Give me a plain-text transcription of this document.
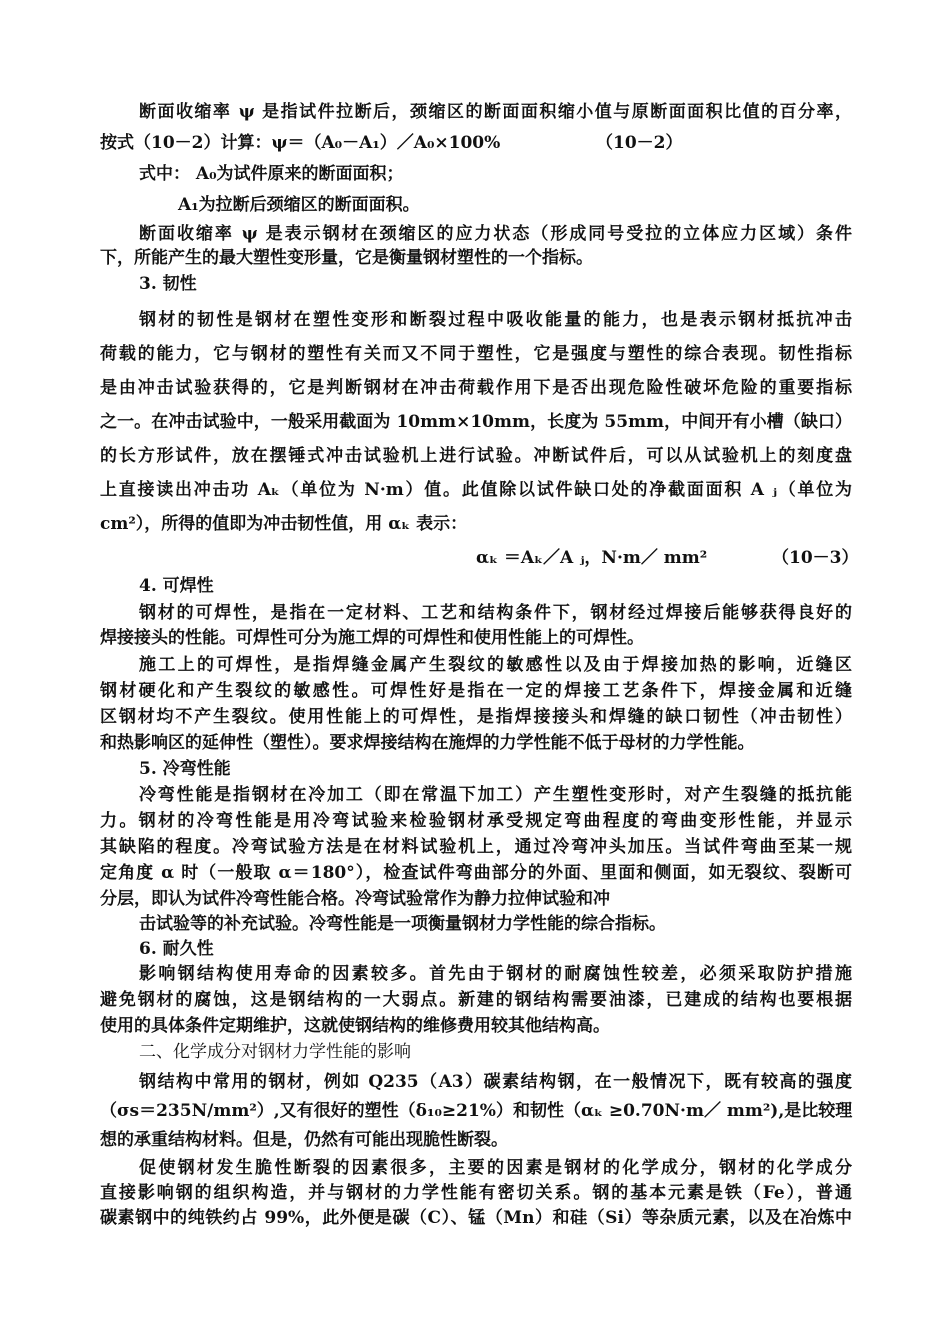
断面收缩率 ψ 是指试件拉断后，颈缩区的断面面积缩小值与原断面面积比值的百分率，
按式（10－2）计算：ψ＝（A₀－A₁）／A₀×100%	（10－2）
式中： A₀为试件原来的断面面积；
A₁为拉断后颈缩区的断面面积。
断面收缩率 ψ 是表示钢材在颈缩区的应力状态（形成同号受拉的立体应力区域）条件
下，所能产生的最大塑性变形量，它是衡量钢材塑性的一个指标。
3. 韧性
钢材的韧性是钢材在塑性变形和断裂过程中吸收能量的能力，也是表示钢材抵抗冲击
荷载的能力，它与钢材的塑性有关而又不同于塑性，它是强度与塑性的综合表现。韧性指标
是由冲击试验获得的，它是判断钢材在冲击荷载作用下是否出现危险性破坏危险的重要指标
之一。在冲击试验中，一般采用截面为 10mm×10mm，长度为 55mm，中间开有小槽（缺口）
的长方形试件，放在摆锤式冲击试验机上进行试验。冲断试件后，可以从试验机上的刻度盘
上直接读出冲击功 Aₖ（单位为 N·m）值。此值除以试件缺口处的净截面面积 A ⱼ（单位为
cm²），所得的值即为冲击韧性值，用 αₖ 表示：
αₖ ＝Aₖ／A ⱼ，N·m／ mm²	（10－3）
4. 可焊性
钢材的可焊性，是指在一定材料、工艺和结构条件下，钢材经过焊接后能够获得良好的
焊接接头的性能。可焊性可分为施工焊的可焊性和使用性能上的可焊性。
施工上的可焊性，是指焊缝金属产生裂纹的敏感性以及由于焊接加热的影响，近缝区
钢材硬化和产生裂纹的敏感性。可焊性好是指在一定的焊接工艺条件下，焊接金属和近缝
区钢材均不产生裂纹。使用性能上的可焊性，是指焊接接头和焊缝的缺口韧性（冲击韧性）
和热影响区的延伸性（塑性）。要求焊接结构在施焊的力学性能不低于母材的力学性能。
5. 冷弯性能
冷弯性能是指钢材在冷加工（即在常温下加工）产生塑性变形时，对产生裂缝的抵抗能
力。钢材的冷弯性能是用冷弯试验来检验钢材承受规定弯曲程度的弯曲变形性能，并显示
其缺陷的程度。冷弯试验方法是在材料试验机上，通过冷弯冲头加压。当试件弯曲至某一规
定角度 α 时（一般取 α＝180°），检查试件弯曲部分的外面、里面和侧面，如无裂纹、裂断可
分层，即认为试件冷弯性能合格。冷弯试验常作为静力拉伸试验和冲
击试验等的补充试验。冷弯性能是一项衡量钢材力学性能的综合指标。
6. 耐久性
影响钢结构使用寿命的因素较多。首先由于钢材的耐腐蚀性较差，必须采取防护措施
避免钢材的腐蚀，这是钢结构的一大弱点。新建的钢结构需要油漆，已建成的结构也要根据
使用的具体条件定期维护，这就使钢结构的维修费用较其他结构高。
二、化学成分对钢材力学性能的影响
钢结构中常用的钢材，例如 Q235（A3）碳素结构钢，在一般情况下，既有较高的强度
（σs＝235N/mm²）,又有很好的塑性（δ₁₀≥21%）和韧性（αₖ ≥0.70N·m／ mm²),是比较理
想的承重结构材料。但是，仍然有可能出现脆性断裂。
促使钢材发生脆性断裂的因素很多，主要的因素是钢材的化学成分，钢材的化学成分
直接影响钢的组织构造，并与钢材的力学性能有密切关系。钢的基本元素是铁（Fe），普通
碳素钢中的纯铁约占 99%，此外便是碳（C）、锰（Mn）和硅（Si）等杂质元素，以及在冶炼中
